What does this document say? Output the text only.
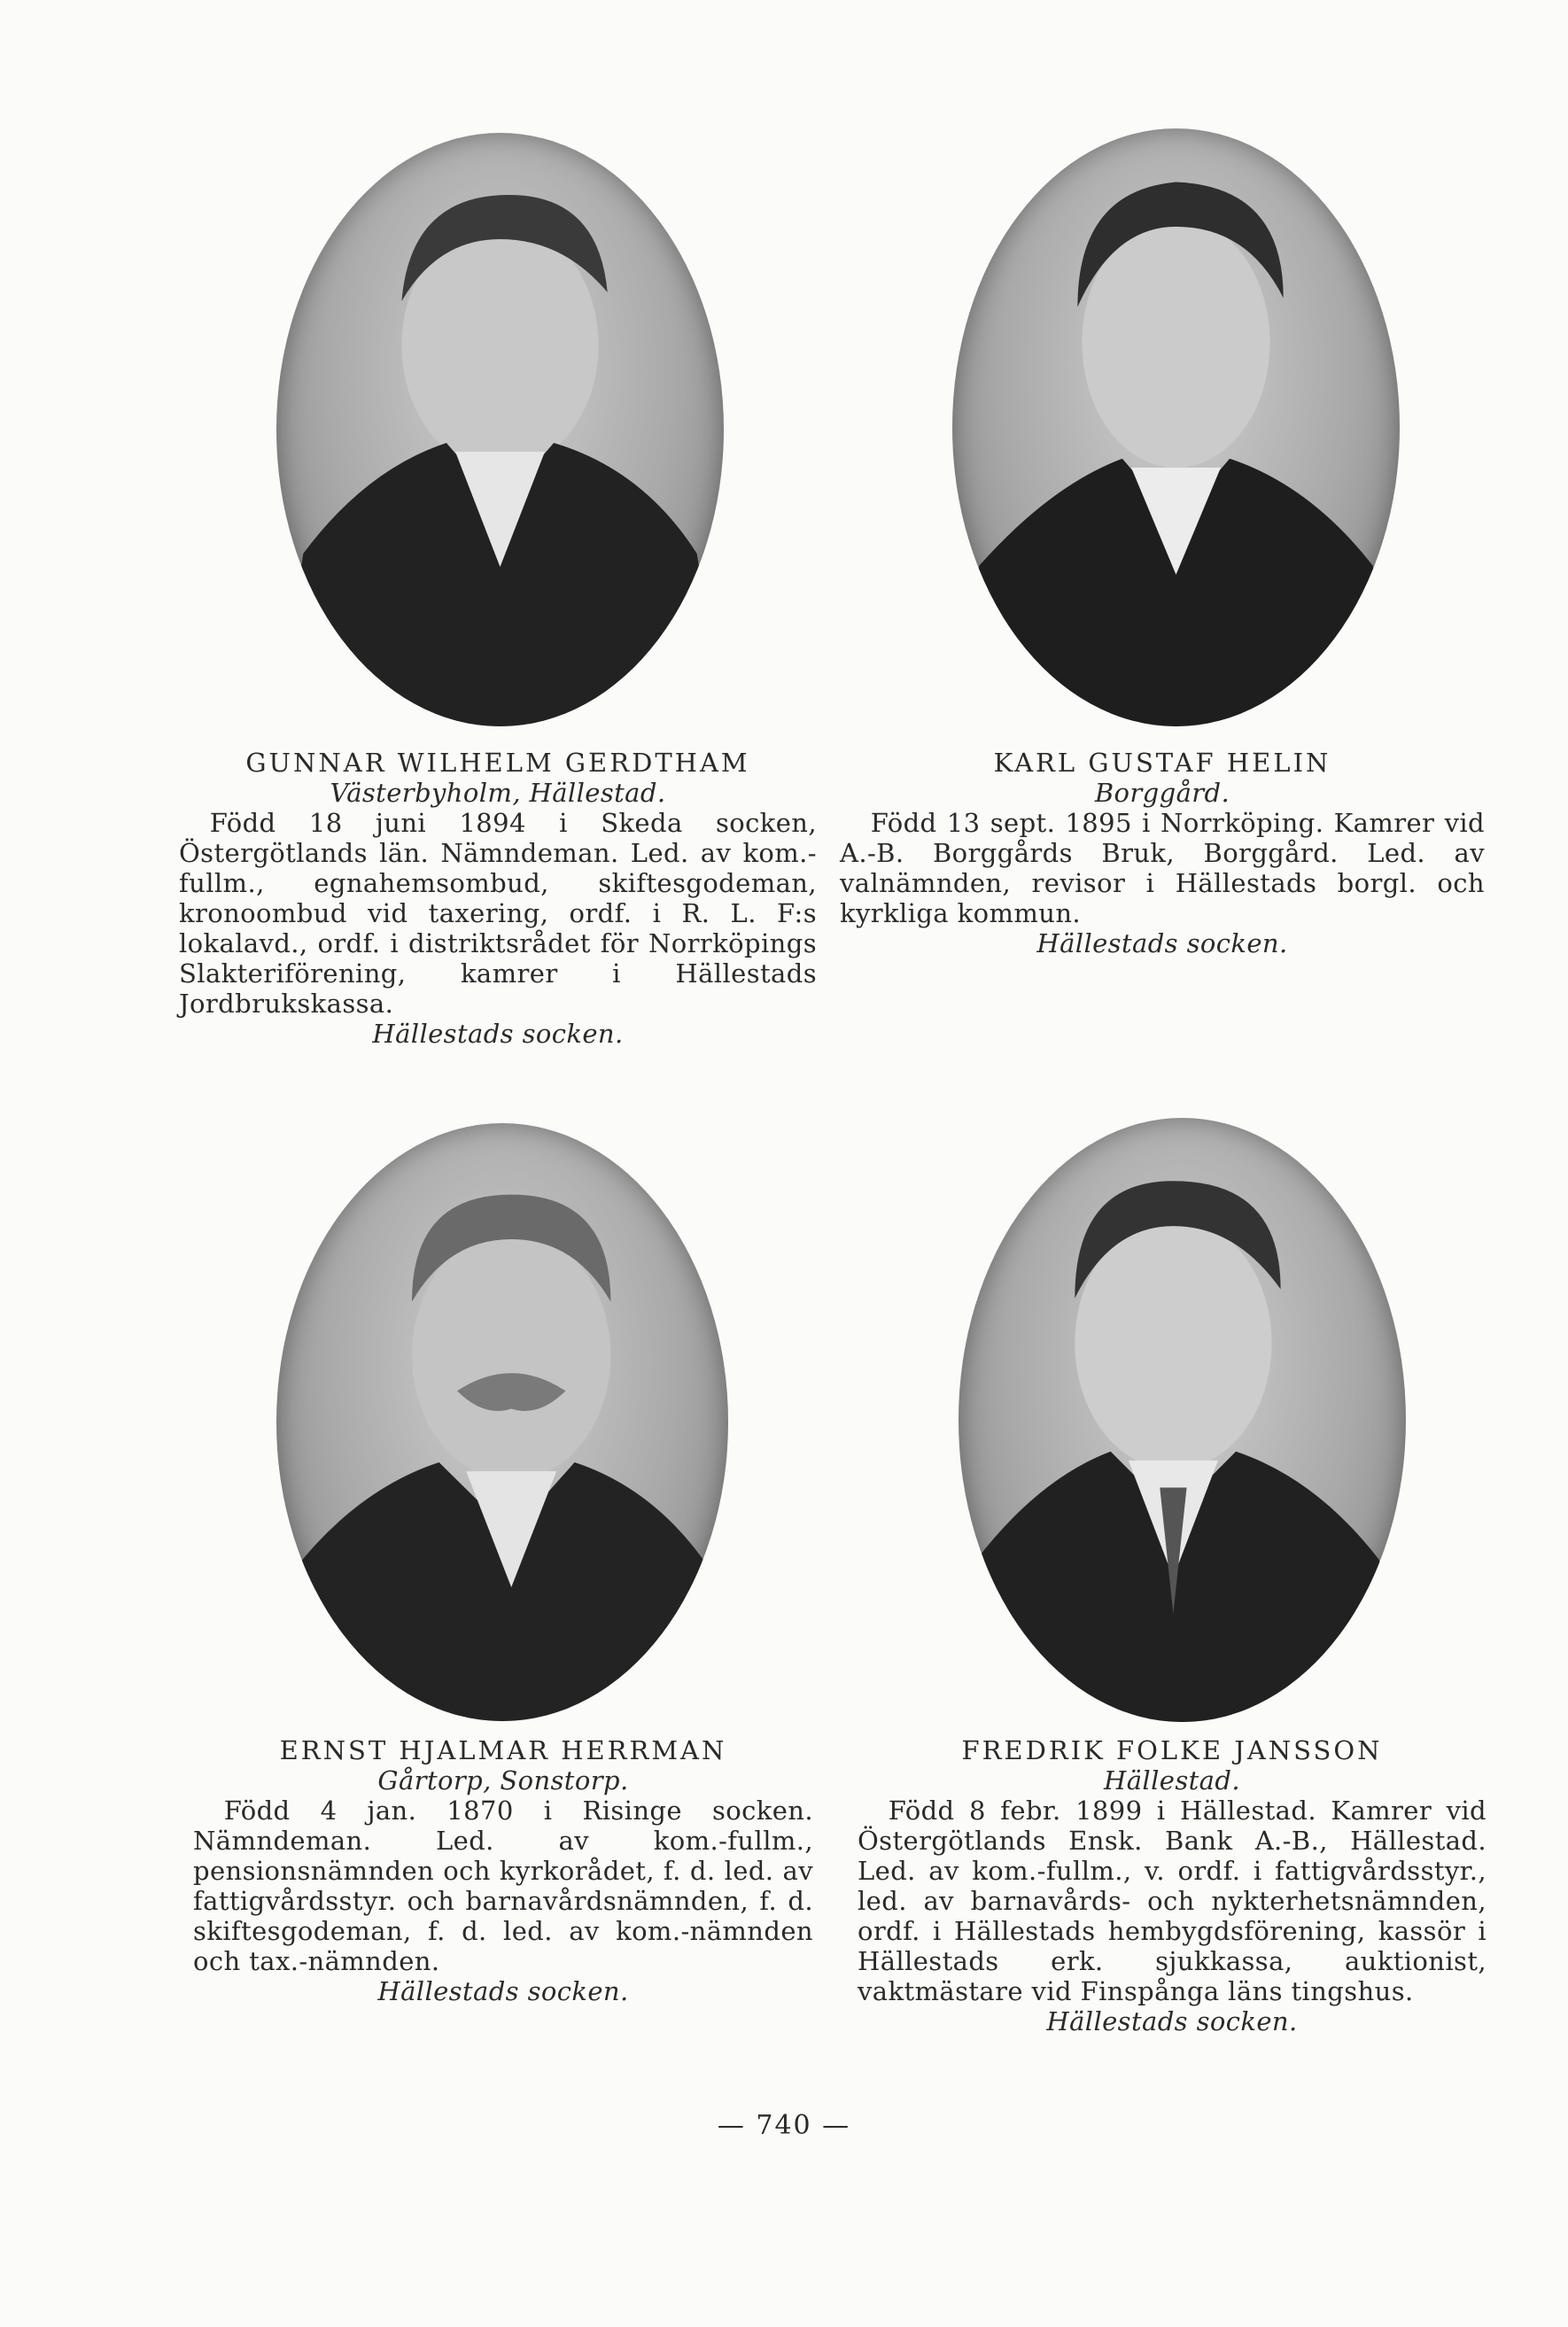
GUNNAR WILHELM GERDTHAM
Västerbyholm, Hällestad.
Född 18 juni 1894 i Skeda socken, Östergötlands län. Nämndeman. Led. av kom.-fullm., egnahemsombud, skiftesgodeman, kronoombud vid taxering, ordf. i R. L. F:s lokalavd., ordf. i distriktsrådet för Norrköpings Slakteriförening, kamrer i Hällestads Jordbrukskassa.
Hällestads socken.
KARL GUSTAF HELIN
Borggård.
Född 13 sept. 1895 i Norrköping. Kamrer vid A.-B. Borggårds Bruk, Borggård. Led. av valnämnden, revisor i Hällestads borgl. och kyrkliga kommun.
Hällestads socken.
ERNST HJALMAR HERRMAN
Gårtorp, Sonstorp.
Född 4 jan. 1870 i Risinge socken. Nämndeman. Led. av kom.-fullm., pensionsnämnden och kyrkorådet, f. d. led. av fattigvårdsstyr. och barnavårdsnämnden, f. d. skiftesgodeman, f. d. led. av kom.-nämnden och tax.-nämnden.
Hällestads socken.
FREDRIK FOLKE JANSSON
Hällestad.
Född 8 febr. 1899 i Hällestad. Kamrer vid Östergötlands Ensk. Bank A.-B., Hällestad. Led. av kom.-fullm., v. ordf. i fattigvårdsstyr., led. av barnavårds- och nykterhetsnämnden, ordf. i Hällestads hembygdsförening, kassör i Hällestads erk. sjukkassa, auktionist, vaktmästare vid Finspånga läns tingshus.
Hällestads socken.
— 740 —
